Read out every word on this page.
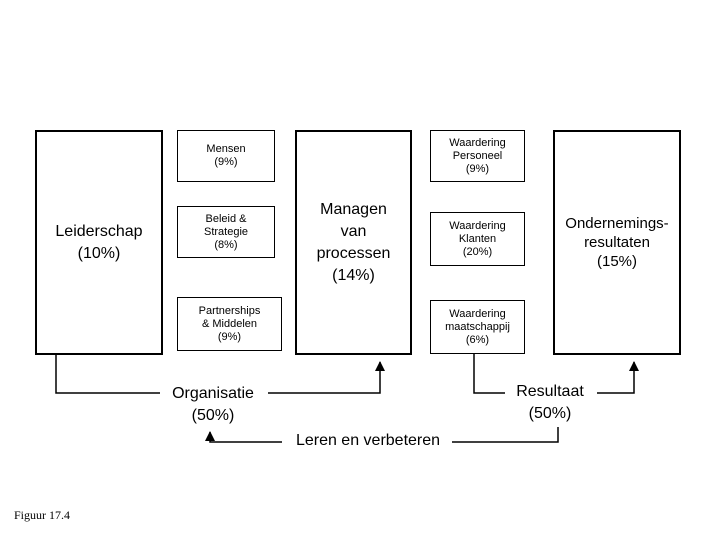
Leiderschap
(10%)
Mensen
(9%)
Beleid &
Strategie
(8%)
Partnerships
& Middelen
(9%)
Managen
van
processen
(14%)
Waardering
Personeel
(9%)
Waardering
Klanten
(20%)
Waardering
maatschappij
(6%)
Ondernemings-
resultaten
(15%)
Organisatie
(50%)
Resultaat
(50%)
Leren en verbeteren
Figuur 17.4
